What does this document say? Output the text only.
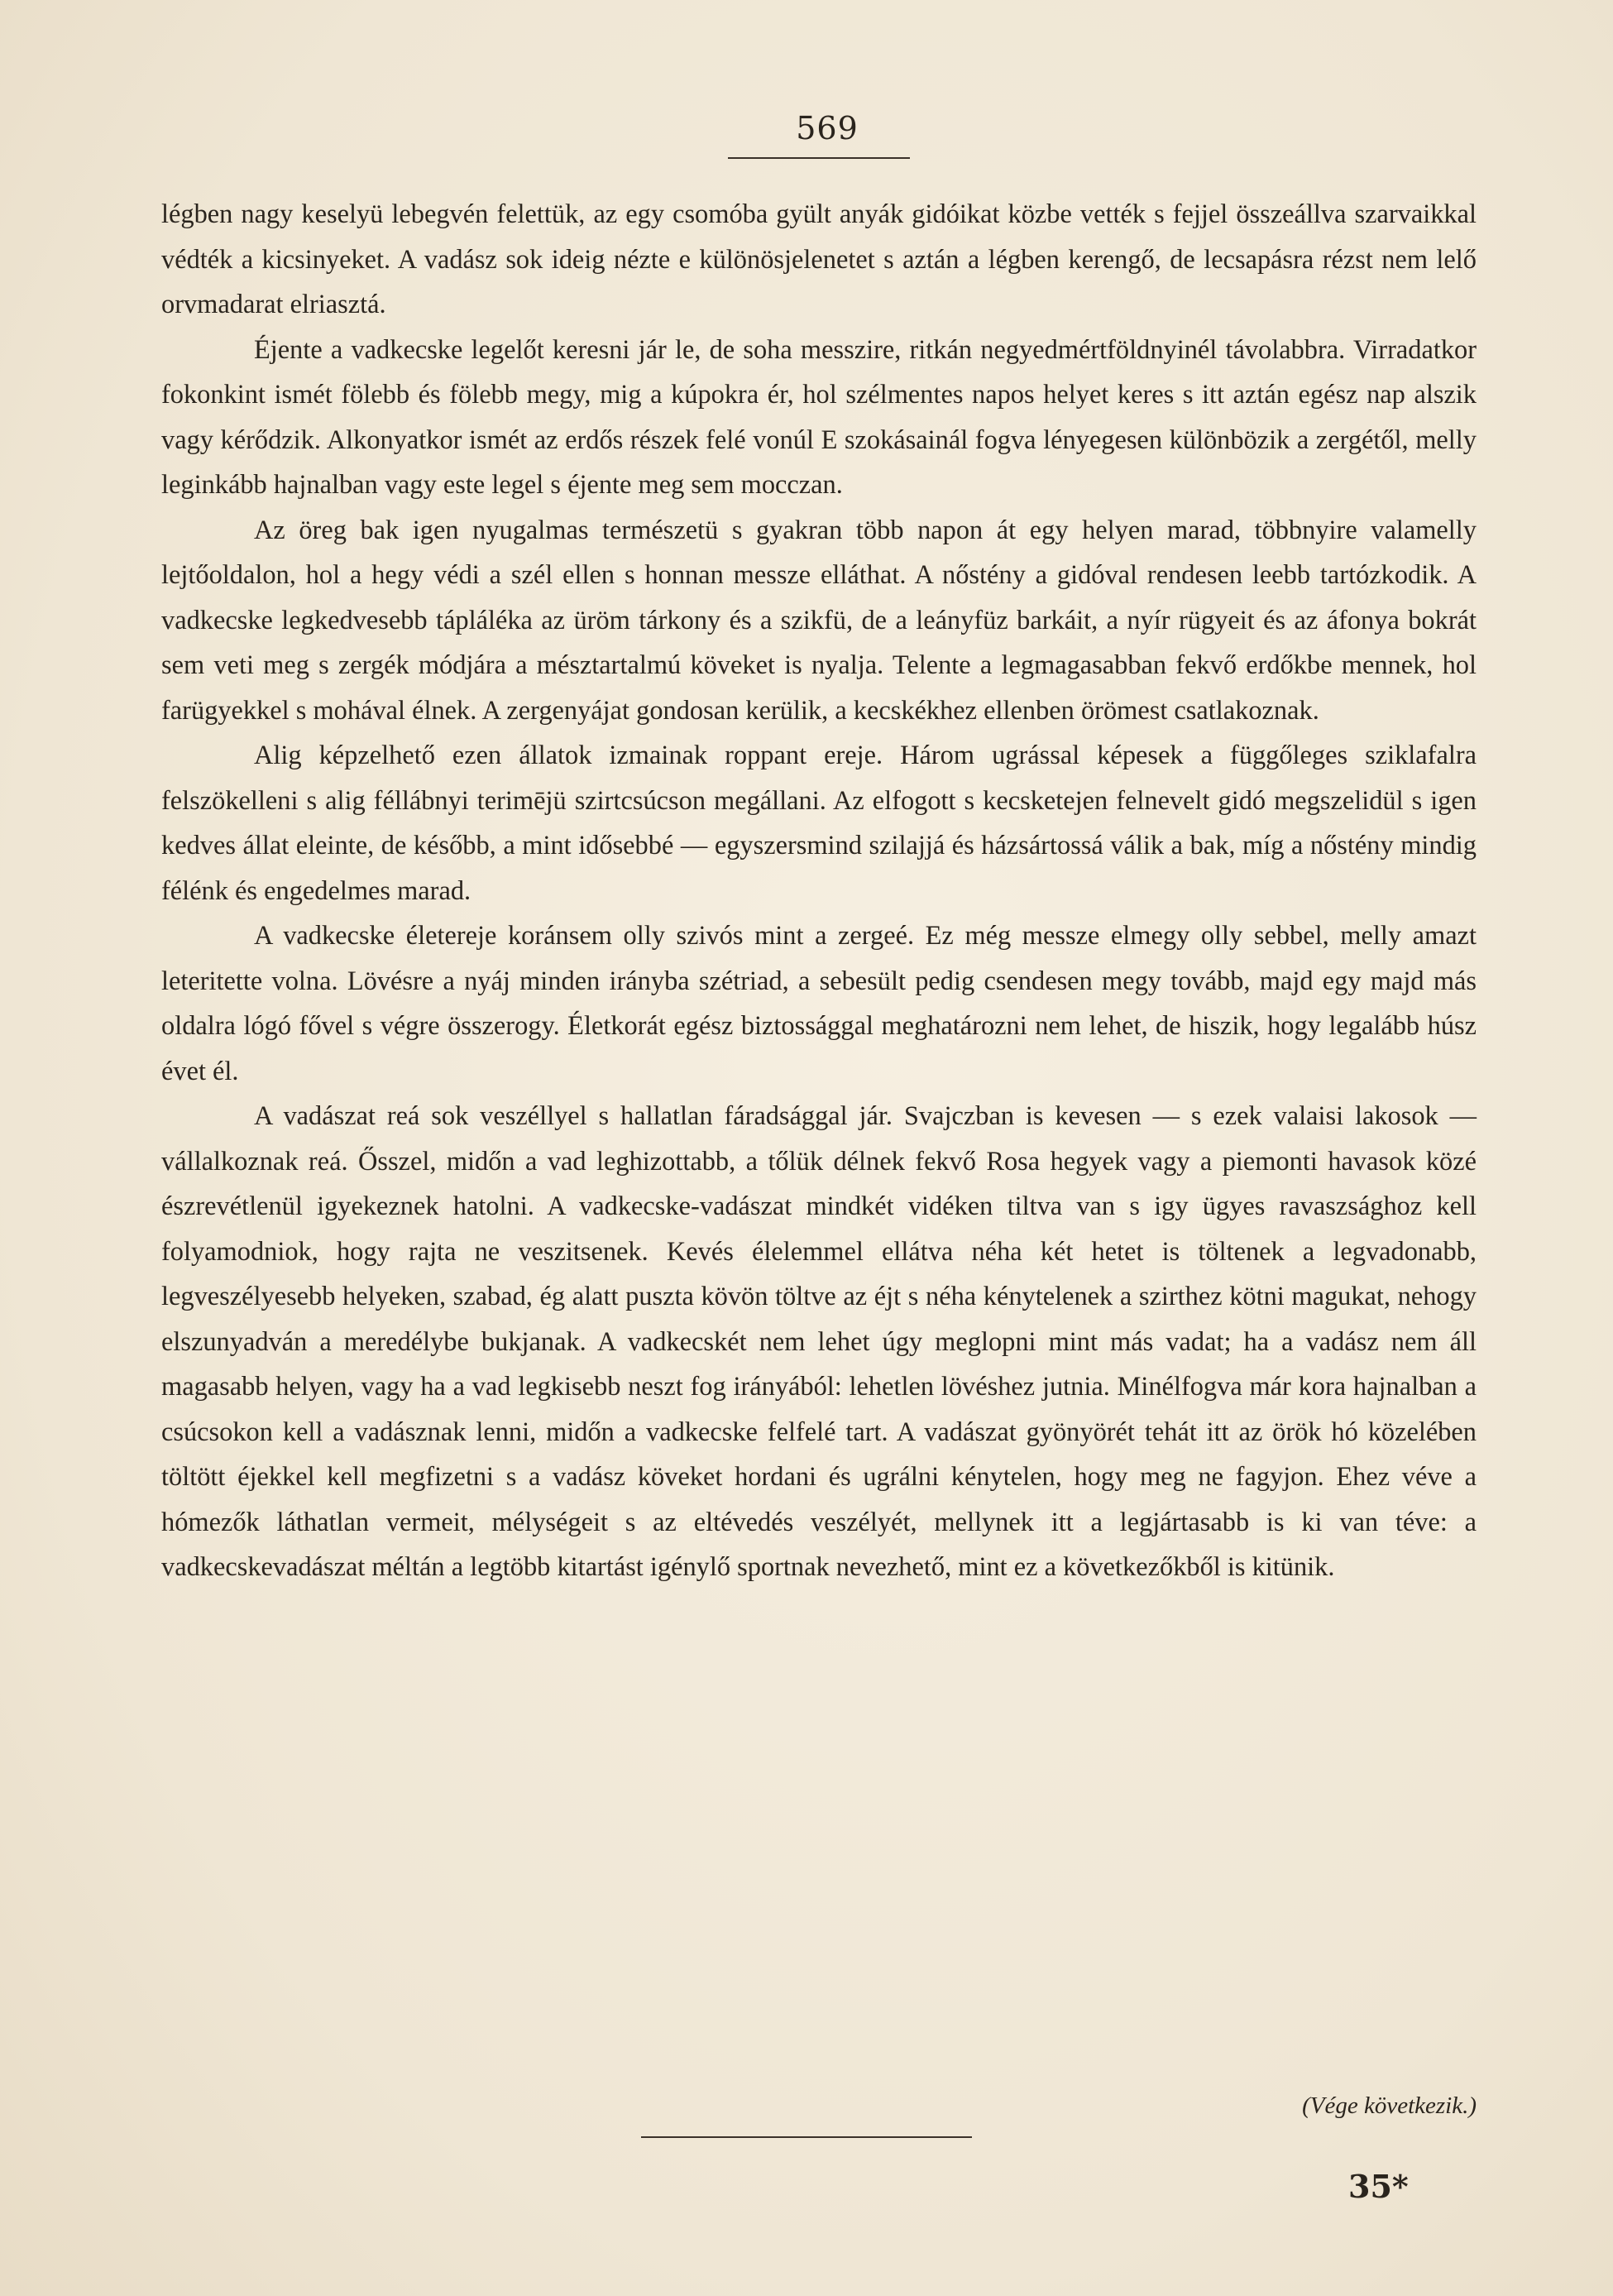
569

légben nagy keselyü lebegvén felettük, az egy csomóba gyült anyák gidóikat közbe vették s fejjel összeállva szarvaikkal védték a kicsinyeket. A vadász sok ideig nézte e különösjelenetet s aztán a légben kerengő, de lecsapásra rézst nem lelő orvmadarat elriasztá.

Éjente a vadkecske legelőt keresni jár le, de soha messzire, ritkán negyedmértföldnyinél távolabbra. Virradatkor fokonkint ismét fölebb és fölebb megy, mig a kúpokra ér, hol szélmentes napos helyet keres s itt aztán egész nap alszik vagy kérődzik. Alkonyatkor ismét az erdős részek felé vonúl E szokásainál fogva lényegesen különbözik a zergétől, melly leginkább hajnalban vagy este legel s éjente meg sem mocczan.

Az öreg bak igen nyugalmas természetü s gyakran több napon át egy helyen marad, többnyire valamelly lejtőoldalon, hol a hegy védi a szél ellen s honnan messze elláthat. A nőstény a gidóval rendesen leebb tartózkodik. A vadkecske legkedvesebb tápláléka az üröm tárkony és a szikfü, de a leányfüz barkáit, a nyír rügyeit és az áfonya bokrát sem veti meg s zergék módjára a mésztartalmú köveket is nyalja. Telente a legmagasabban fekvő erdőkbe mennek, hol farügyekkel s mohával élnek. A zergenyájat gondosan kerülik, a kecskékhez ellenben örömest csatlakoznak.

Alig képzelhető ezen állatok izmainak roppant ereje. Három ugrással képesek a függőleges sziklafalra felszökelleni s alig féllábnyi terimējü szirtcsúcson megállani. Az elfogott s kecsketejen felnevelt gidó megszelidül s igen kedves állat eleinte, de később, a mint idősebbé — egyszersmind szilajjá és házsártossá válik a bak, míg a nőstény mindig félénk és engedelmes marad.

A vadkecske életereje koránsem olly szivós mint a zergeé. Ez még messze elmegy olly sebbel, melly amazt leteritette volna. Lövésre a nyáj minden irányba szétriad, a sebesült pedig csendesen megy tovább, majd egy majd más oldalra lógó fővel s végre összerogy. Életkorát egész biztossággal meghatározni nem lehet, de hiszik, hogy legalább húsz évet él.

A vadászat reá sok veszéllyel s hallatlan fáradsággal jár. Svajczban is kevesen — s ezek valaisi lakosok — vállalkoznak reá. Ősszel, midőn a vad leghizottabb, a tőlük délnek fekvő Rosa hegyek vagy a piemonti havasok közé észrevétlenül igyekeznek hatolni. A vadkecske-vadászat mindkét vidéken tiltva van s igy ügyes ravaszsághoz kell folyamodniok, hogy rajta ne veszitsenek. Kevés élelemmel ellátva néha két hetet is töltenek a legvadonabb, legveszélyesebb helyeken, szabad, ég alatt puszta kövön töltve az éjt s néha kénytelenek a szirthez kötni magukat, nehogy elszunyadván a meredélybe bukjanak. A vadkecskét nem lehet úgy meglopni mint más vadat; ha a vadász nem áll magasabb helyen, vagy ha a vad legkisebb neszt fog irányából: lehetlen lövéshez jutnia. Minélfogva már kora hajnalban a csúcsokon kell a vadásznak lenni, midőn a vadkecske felfelé tart. A vadászat gyönyörét tehát itt az örök hó közelében töltött éjekkel kell megfizetni s a vadász köveket hordani és ugrálni kénytelen, hogy meg ne fagyjon. Ehez véve a hómezők láthatlan vermeit, mélységeit s az eltévedés veszélyét, mellynek itt a legjártasabb is ki van téve: a vadkecskevadászat méltán a legtöbb kitartást igénylő sportnak nevezhető, mint ez a következőkből is kitünik.

(Vége következik.)
35*
